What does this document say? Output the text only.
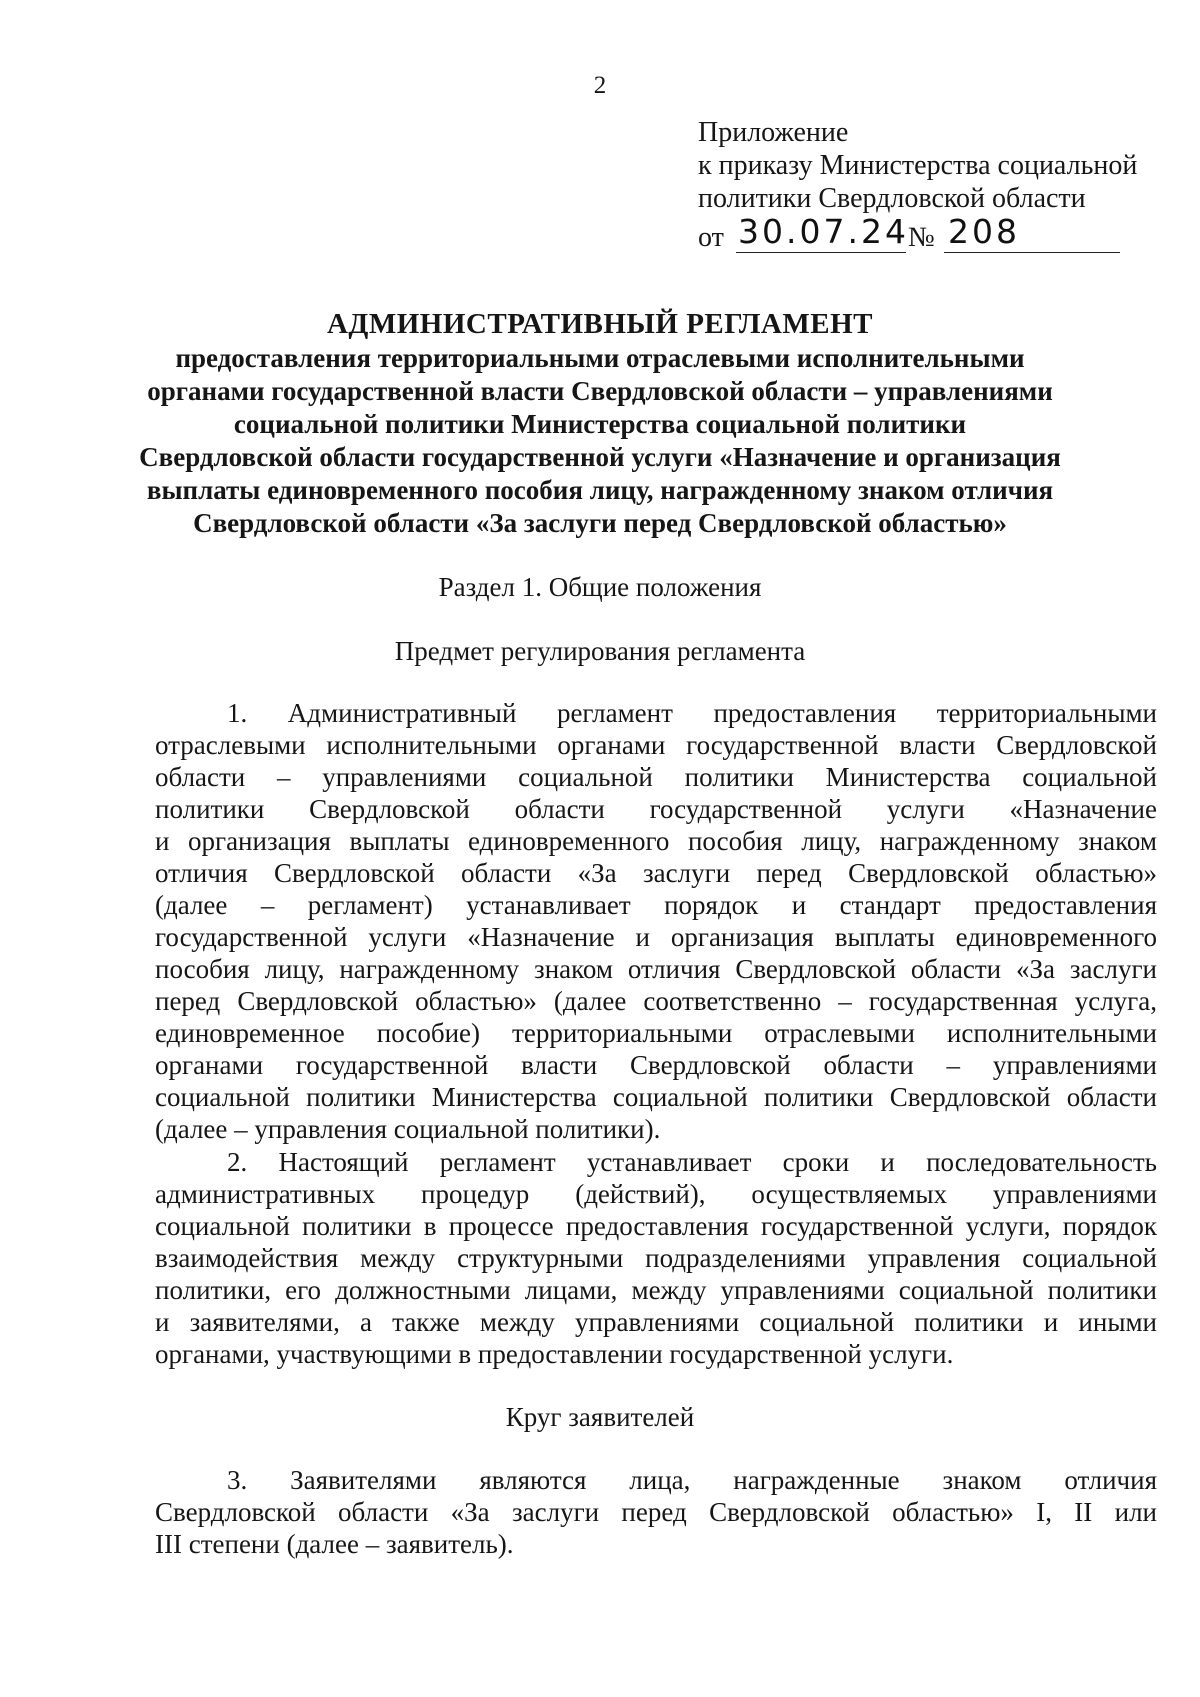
2
Приложение
к приказу Министерства социальной
политики Свердловской области
от 30.07.24 № 208
АДМИНИСТРАТИВНЫЙ РЕГЛАМЕНТ
предоставления территориальными отраслевыми исполнительными
органами государственной власти Свердловской области – управлениями
социальной политики Министерства социальной политики
Свердловской области государственной услуги «Назначение и организация
выплаты единовременного пособия лицу, награжденному знаком отличия
Свердловской области «За заслуги перед Свердловской областью»
Раздел 1. Общие положения
Предмет регулирования регламента
1. Административный регламент предоставления территориальными
отраслевыми исполнительными органами государственной власти Свердловской
области – управлениями социальной политики Министерства социальной
политики Свердловской области государственной услуги «Назначение
и организация выплаты единовременного пособия лицу, награжденному знаком
отличия Свердловской области «За заслуги перед Свердловской областью»
(далее – регламент) устанавливает порядок и стандарт предоставления
государственной услуги «Назначение и организация выплаты единовременного
пособия лицу, награжденному знаком отличия Свердловской области «За заслуги
перед Свердловской областью» (далее соответственно – государственная услуга,
единовременное пособие) территориальными отраслевыми исполнительными
органами государственной власти Свердловской области – управлениями
социальной политики Министерства социальной политики Свердловской области
(далее – управления социальной политики).
2. Настоящий регламент устанавливает сроки и последовательность
административных процедур (действий), осуществляемых управлениями
социальной политики в процессе предоставления государственной услуги, порядок
взаимодействия между структурными подразделениями управления социальной
политики, его должностными лицами, между управлениями социальной политики
и заявителями, а также между управлениями социальной политики и иными
органами, участвующими в предоставлении государственной услуги.
Круг заявителей
3. Заявителями являются лица, награжденные знаком отличия
Свердловской области «За заслуги перед Свердловской областью» I, II или
III степени (далее – заявитель).
